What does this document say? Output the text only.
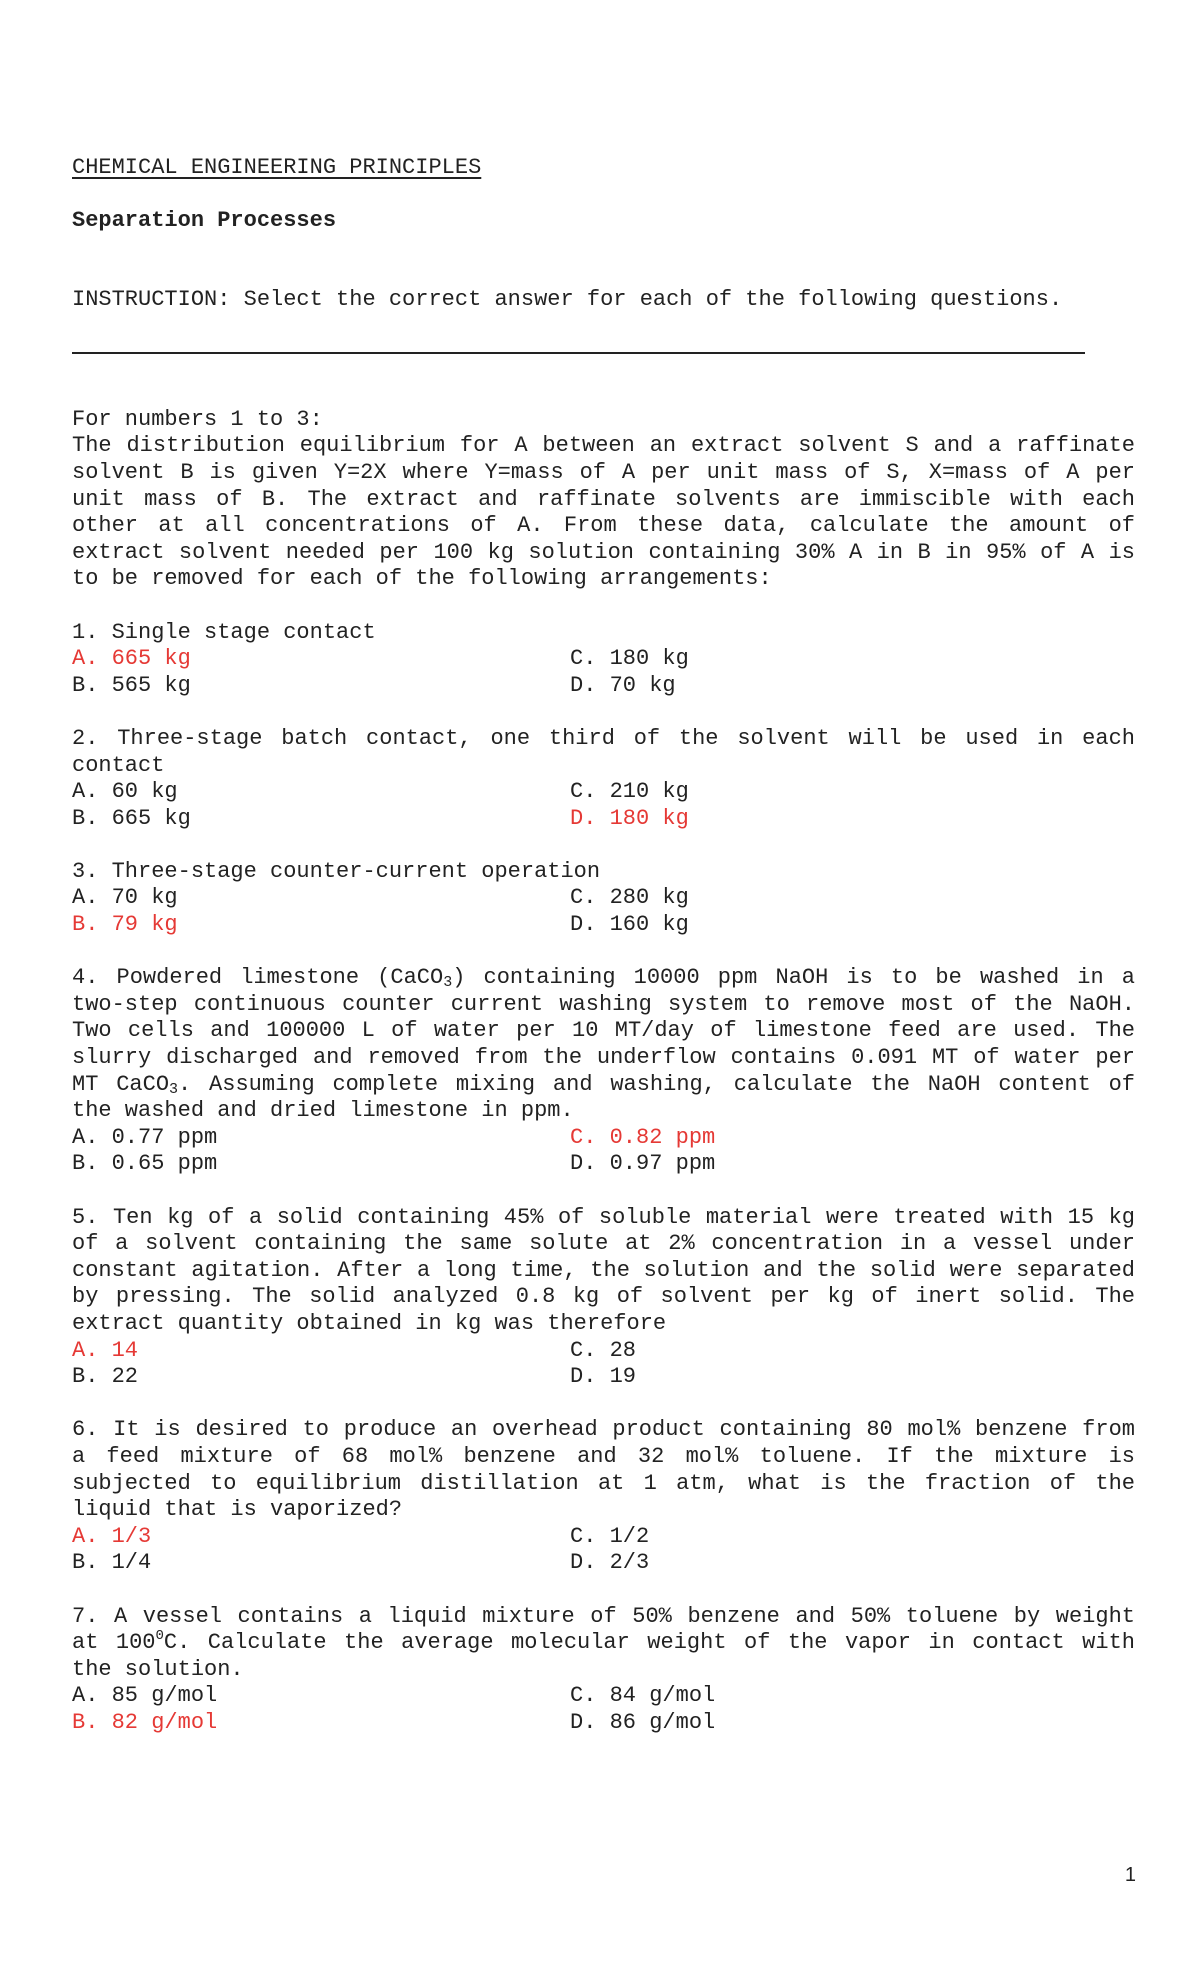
CHEMICAL ENGINEERING PRINCIPLES
Separation Processes
INSTRUCTION: Select the correct answer for each of the following questions.
For numbers 1 to 3:
The distribution equilibrium for A between an extract solvent S and a raffinate solvent B is given Y=2X where Y=mass of A per unit mass of S, X=mass of A per unit mass of B. The extract and raffinate solvents are immiscible with each other at all concentrations of A. From these data, calculate the amount of extract solvent needed per 100 kg solution containing 30% A in B in 95% of A is to be removed for each of the following arrangements:
1. Single stage contact
A. 665 kg	C. 180 kg
B. 565 kg	D. 70 kg
2. Three-stage batch contact, one third of the solvent will be used in each contact
A. 60 kg	C. 210 kg
B. 665 kg	D. 180 kg
3. Three-stage counter-current operation
A. 70 kg	C. 280 kg
B. 79 kg	D. 160 kg
4. Powdered limestone (CaCO$_3$) containing 10000 ppm NaOH is to be washed in a two-step continuous counter current washing system to remove most of the NaOH. Two cells and 100000 L of water per 10 MT/day of limestone feed are used. The slurry discharged and removed from the underflow contains 0.091 MT of water per MT CaCO$_3$. Assuming complete mixing and washing, calculate the NaOH content of the washed and dried limestone in ppm.
A. 0.77 ppm	C. 0.82 ppm
B. 0.65 ppm	D. 0.97 ppm
5. Ten kg of a solid containing 45% of soluble material were treated with 15 kg of a solvent containing the same solute at 2% concentration in a vessel under constant agitation. After a long time, the solution and the solid were separated by pressing. The solid analyzed 0.8 kg of solvent per kg of inert solid. The extract quantity obtained in kg was therefore
A. 14	C. 28
B. 22	D. 19
6. It is desired to produce an overhead product containing 80 mol% benzene from a feed mixture of 68 mol% benzene and 32 mol% toluene. If the mixture is subjected to equilibrium distillation at 1 atm, what is the fraction of the liquid that is vaporized?
A. 1/3	C. 1/2
B. 1/4	D. 2/3
7. A vessel contains a liquid mixture of 50% benzene and 50% toluene by weight at $100^0C$. Calculate the average molecular weight of the vapor in contact with the solution.
A. 85 g/mol	C. 84 g/mol
B. 82 g/mol	D. 86 g/mol
1
